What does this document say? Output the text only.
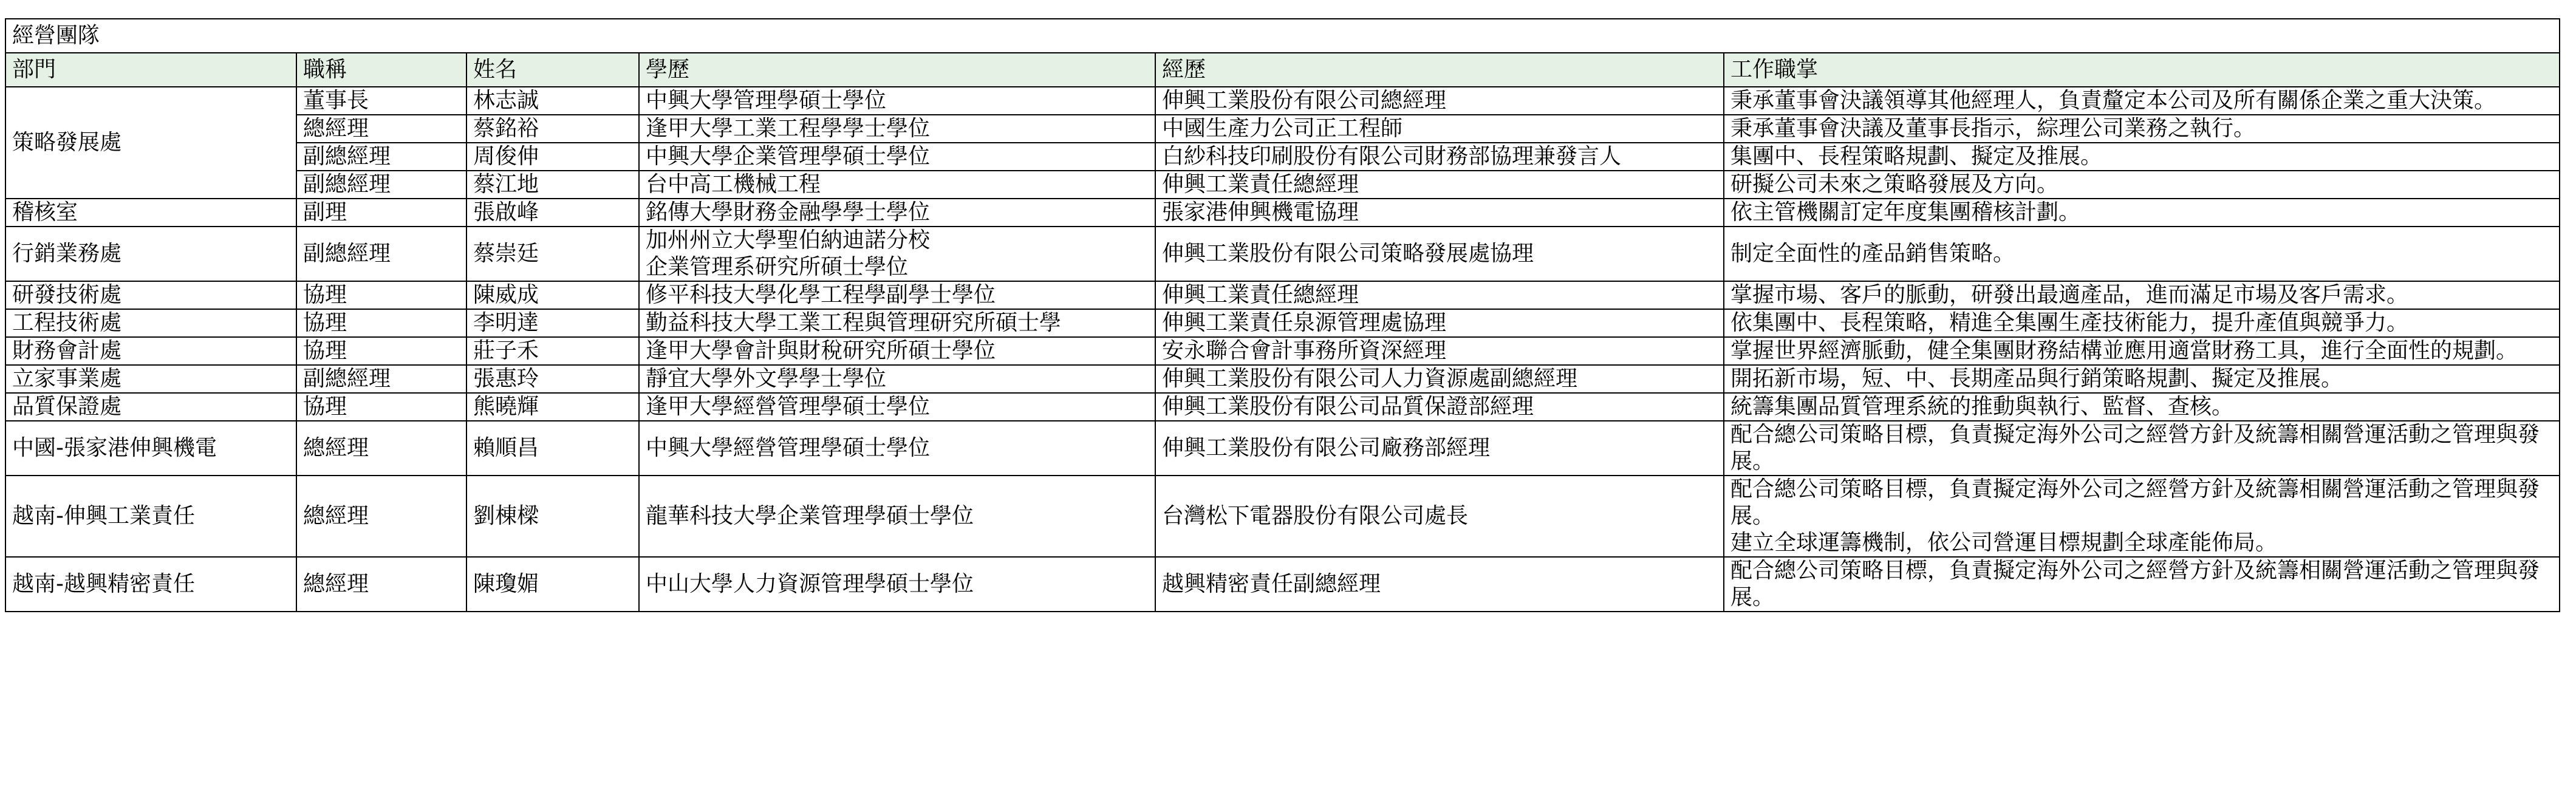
經營團隊					
部門	職稱	姓名	學歷	經歷	工作職掌
策略發展處	董事長	林志誠	中興大學管理學碩士學位	伸興工業股份有限公司總經理	秉承董事會決議領導其他經理人，負責釐定本公司及所有關係企業之重大決策。
	總經理	蔡銘裕	逢甲大學工業工程學學士學位	中國生產力公司正工程師	秉承董事會決議及董事長指示，綜理公司業務之執行。
	副總經理	周俊伸	中興大學企業管理學碩士學位	白紗科技印刷股份有限公司財務部協理兼發言人	集團中、長程策略規劃、擬定及推展。
	副總經理	蔡江地	台中高工機械工程	伸興工業責任總經理	研擬公司未來之策略發展及方向。
稽核室	副理	張啟峰	銘傳大學財務金融學學士學位	張家港伸興機電協理	依主管機關訂定年度集團稽核計劃。
行銷業務處	副總經理	蔡崇廷	加州州立大學聖伯納迪諾分校
企業管理系研究所碩士學位	伸興工業股份有限公司策略發展處協理	制定全面性的產品銷售策略。
研發技術處	協理	陳威成	修平科技大學化學工程學副學士學位	伸興工業責任總經理	掌握市場、客戶的脈動，研發出最適產品，進而滿足市場及客戶需求。
工程技術處	協理	李明達	勤益科技大學工業工程與管理研究所碩士學	伸興工業責任泉源管理處協理	依集團中、長程策略，精進全集團生產技術能力，提升產值與競爭力。
財務會計處	協理	莊子禾	逢甲大學會計與財稅研究所碩士學位	安永聯合會計事務所資深經理	掌握世界經濟脈動，健全集團財務結構並應用適當財務工具，進行全面性的規劃。
立家事業處	副總經理	張惠玲	靜宜大學外文學學士學位	伸興工業股份有限公司人力資源處副總經理	開拓新市場，短、中、長期產品與行銷策略規劃、擬定及推展。
品質保證處	協理	熊曉輝	逢甲大學經營管理學碩士學位	伸興工業股份有限公司品質保證部經理	統籌集團品質管理系統的推動與執行、監督、查核。
中國-張家港伸興機電	總經理	賴順昌	中興大學經營管理學碩士學位	伸興工業股份有限公司廠務部經理	配合總公司策略目標，負責擬定海外公司之經營方針及統籌相關營運活動之管理與發展。
越南-伸興工業責任	總經理	劉棟樑	龍華科技大學企業管理學碩士學位	台灣松下電器股份有限公司處長	配合總公司策略目標，負責擬定海外公司之經營方針及統籌相關營運活動之管理與發展。
建立全球運籌機制，依公司營運目標規劃全球產能佈局。
越南-越興精密責任	總經理	陳瓊媚	中山大學人力資源管理學碩士學位	越興精密責任副總經理	配合總公司策略目標，負責擬定海外公司之經營方針及統籌相關營運活動之管理與發展。
